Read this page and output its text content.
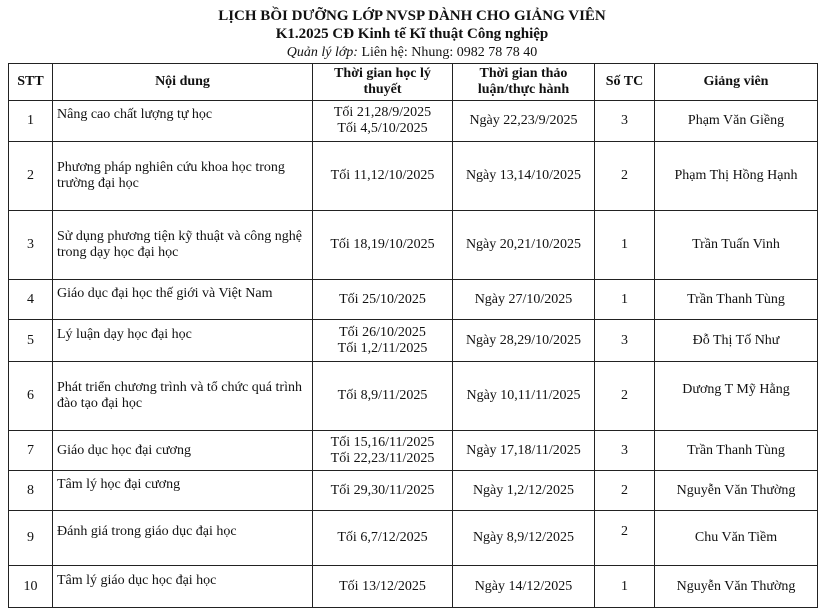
LỊCH BỒI DƯỠNG LỚP NVSP DÀNH CHO GIẢNG VIÊN
K1.2025 CĐ Kinh tế Kĩ thuật Công nghiệp
Quản lý lớp: Liên hệ: Nhung: 0982 78 78 40
STT	Nội dung	Thời gian học lý thuyết	Thời gian thảo luận/thực hành	Số TC	Giảng viên
1	Nâng cao chất lượng tự học	Tối 21,28/9/2025
Tối 4,5/10/2025	Ngày 22,23/9/2025	3	Phạm Văn Giềng
2	Phương pháp nghiên cứu khoa học trong trường đại học	Tối 11,12/10/2025	Ngày 13,14/10/2025	2	Phạm Thị Hồng Hạnh
3	Sử dụng phương tiện kỹ thuật và công nghệ trong dạy học đại học	Tối 18,19/10/2025	Ngày 20,21/10/2025	1	Trần Tuấn Vinh
4	Giáo dục đại học thế giới và Việt Nam	Tối 25/10/2025	Ngày 27/10/2025	1	Trần Thanh Tùng
5	Lý luận dạy học đại học	Tối 26/10/2025
Tối 1,2/11/2025	Ngày 28,29/10/2025	3	Đỗ Thị Tố Như
6	Phát triển chương trình và tổ chức quá trình đào tạo đại học	Tối 8,9/11/2025	Ngày 10,11/11/2025	2	Dương T Mỹ Hằng
7	Giáo dục học đại cương	Tối 15,16/11/2025
Tối 22,23/11/2025	Ngày 17,18/11/2025	3	Trần Thanh Tùng
8	Tâm lý học đại cương	Tối 29,30/11/2025	Ngày 1,2/12/2025	2	Nguyễn Văn Thường
9	Đánh giá trong giáo dục đại học	Tối 6,7/12/2025	Ngày 8,9/12/2025	2	Chu Văn Tiềm
10	Tâm lý giáo dục học đại học	Tối 13/12/2025	Ngày 14/12/2025	1	Nguyễn Văn Thường
